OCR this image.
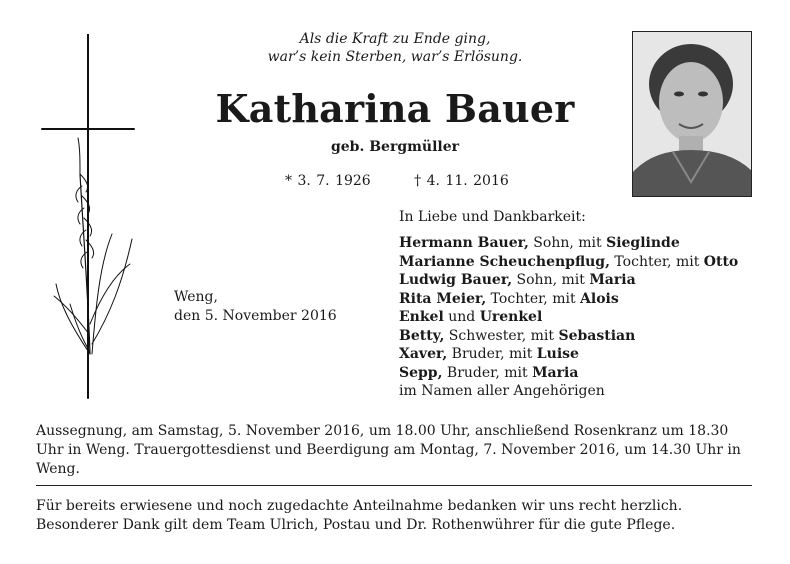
Als die Kraft zu Ende ging,
war’s kein Sterben, war’s Erlösung.
Katharina Bauer
geb. Bergmüller
* 3. 7. 1926	† 4. 11. 2016
Weng,
den 5. November 2016
In Liebe und Dankbarkeit:
Hermann Bauer, Sohn, mit Sieglinde
Marianne Scheuchenpflug, Tochter, mit Otto
Ludwig Bauer, Sohn, mit Maria
Rita Meier, Tochter, mit Alois
Enkel und Urenkel
Betty, Schwester, mit Sebastian
Xaver, Bruder, mit Luise
Sepp, Bruder, mit Maria
im Namen aller Angehörigen
Aussegnung, am Samstag, 5. November 2016, um 18.00 Uhr, anschließend Rosenkranz um 18.30 Uhr in Weng. Trauergottesdienst und Beerdigung am Montag, 7. November 2016, um 14.30 Uhr in Weng.
Für bereits erwiesene und noch zugedachte Anteilnahme bedanken wir uns recht herzlich. Besonderer Dank gilt dem Team Ulrich, Postau und Dr. Rothenwührer für die gute Pflege.
